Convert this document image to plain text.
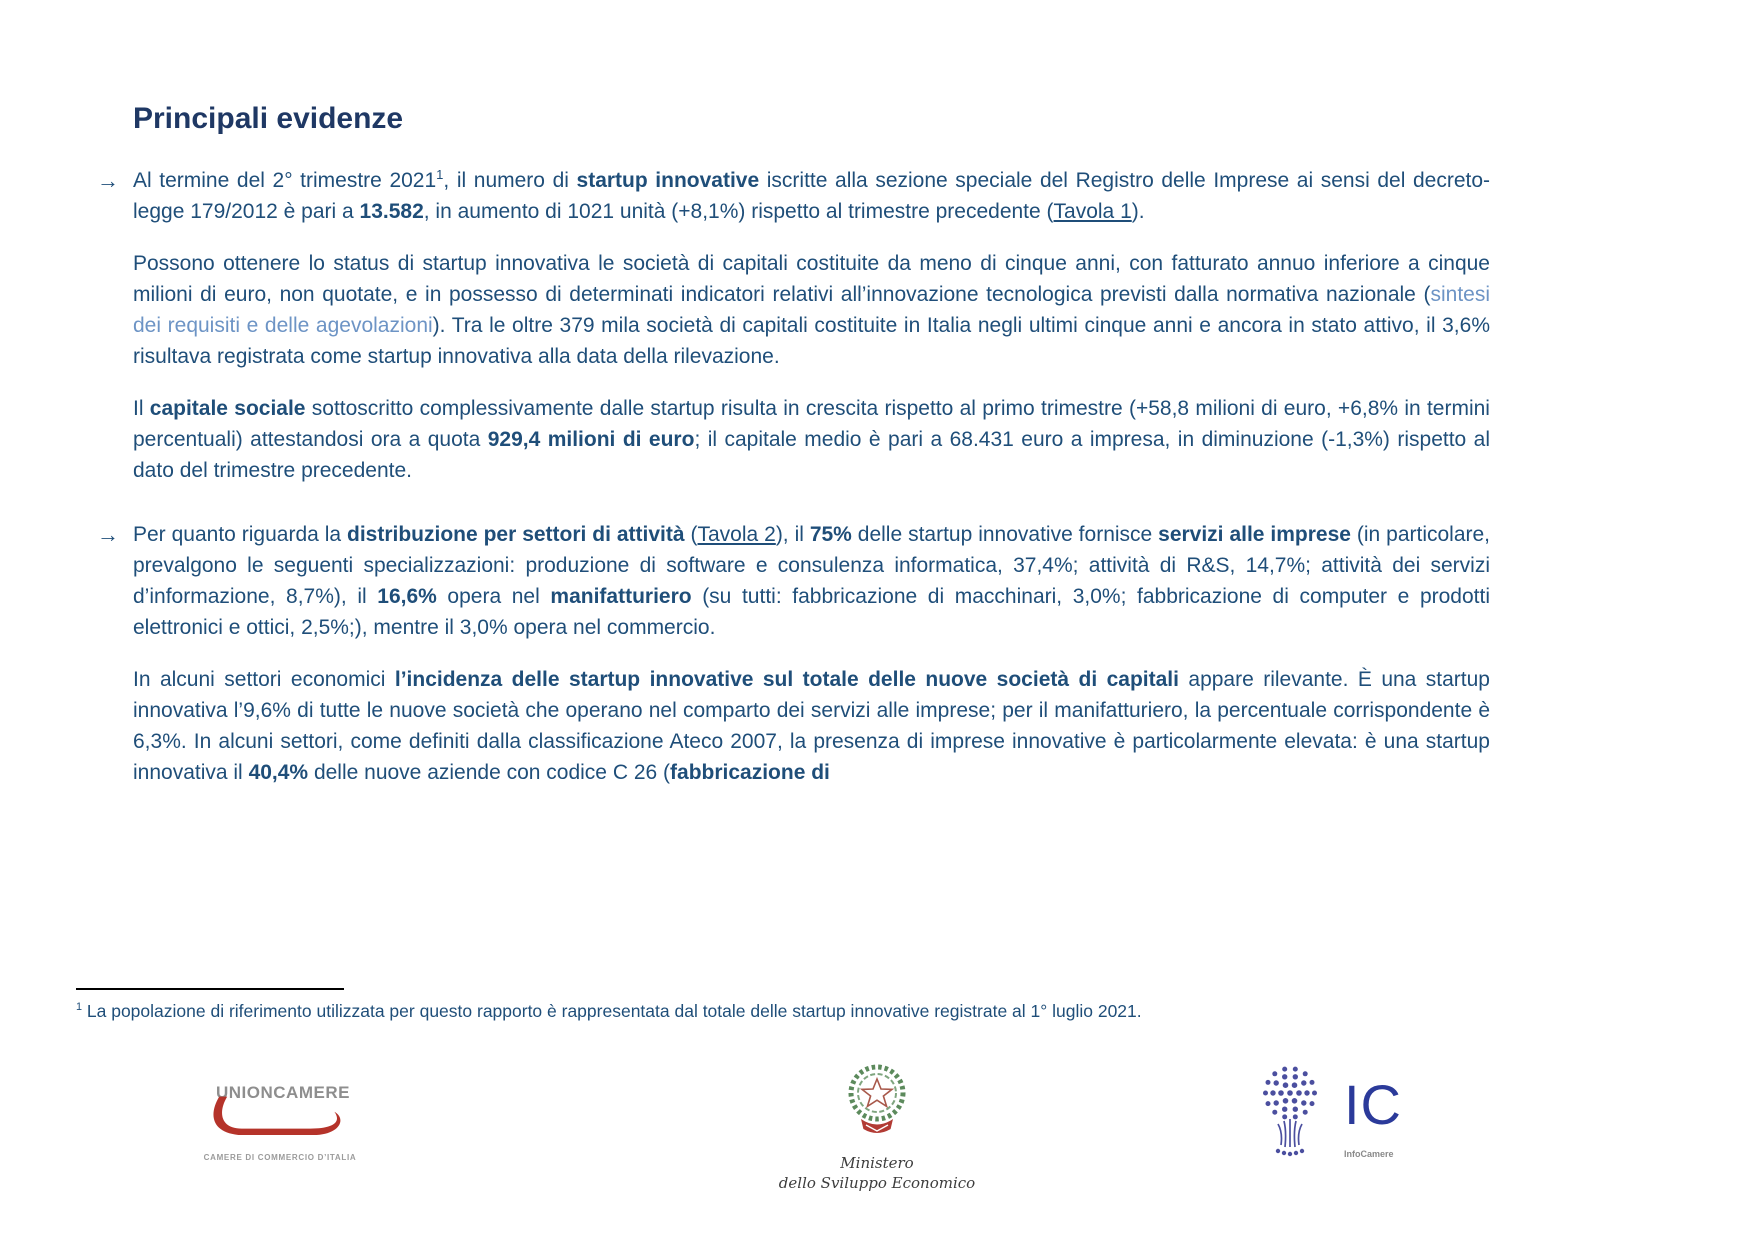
Principali evidenze

→ Al termine del 2° trimestre 2021$^1$, il numero di startup innovative iscritte alla sezione speciale del Registro delle Imprese ai sensi del decreto-legge 179/2012 è pari a 13.582, in aumento di 1021 unità (+8,1%) rispetto al trimestre precedente (Tavola 1).

Possono ottenere lo status di startup innovativa le società di capitali costituite da meno di cinque anni, con fatturato annuo inferiore a cinque milioni di euro, non quotate, e in possesso di determinati indicatori relativi all’innovazione tecnologica previsti dalla normativa nazionale (sintesi dei requisiti e delle agevolazioni). Tra le oltre 379 mila società di capitali costituite in Italia negli ultimi cinque anni e ancora in stato attivo, il 3,6% risultava registrata come startup innovativa alla data della rilevazione.

Il capitale sociale sottoscritto complessivamente dalle startup risulta in crescita rispetto al primo trimestre (+58,8 milioni di euro, +6,8% in termini percentuali) attestandosi ora a quota 929,4 milioni di euro; il capitale medio è pari a 68.431 euro a impresa, in diminuzione (-1,3%) rispetto al dato del trimestre precedente.

→ Per quanto riguarda la distribuzione per settori di attività (Tavola 2), il 75% delle startup innovative fornisce servizi alle imprese (in particolare, prevalgono le seguenti specializzazioni: produzione di software e consulenza informatica, 37,4%; attività di R&S, 14,7%; attività dei servizi d’informazione, 8,7%), il 16,6% opera nel manifatturiero (su tutti: fabbricazione di macchinari, 3,0%; fabbricazione di computer e prodotti elettronici e ottici, 2,5%;), mentre il 3,0% opera nel commercio.

In alcuni settori economici l’incidenza delle startup innovative sul totale delle nuove società di capitali appare rilevante. È una startup innovativa l’9,6% di tutte le nuove società che operano nel comparto dei servizi alle imprese; per il manifatturiero, la percentuale corrispondente è 6,3%. In alcuni settori, come definiti dalla classificazione Ateco 2007, la presenza di imprese innovative è particolarmente elevata: è una startup innovativa il 40,4% delle nuove aziende con codice C 26 (fabbricazione di

$^1$ La popolazione di riferimento utilizzata per questo rapporto è rappresentata dal totale delle startup innovative registrate al 1° luglio 2021.

UNIONCAMERE
CAMERE DI COMMERCIO D’ITALIA	Ministero
dello Sviluppo Economico
IC
InfoCamere
